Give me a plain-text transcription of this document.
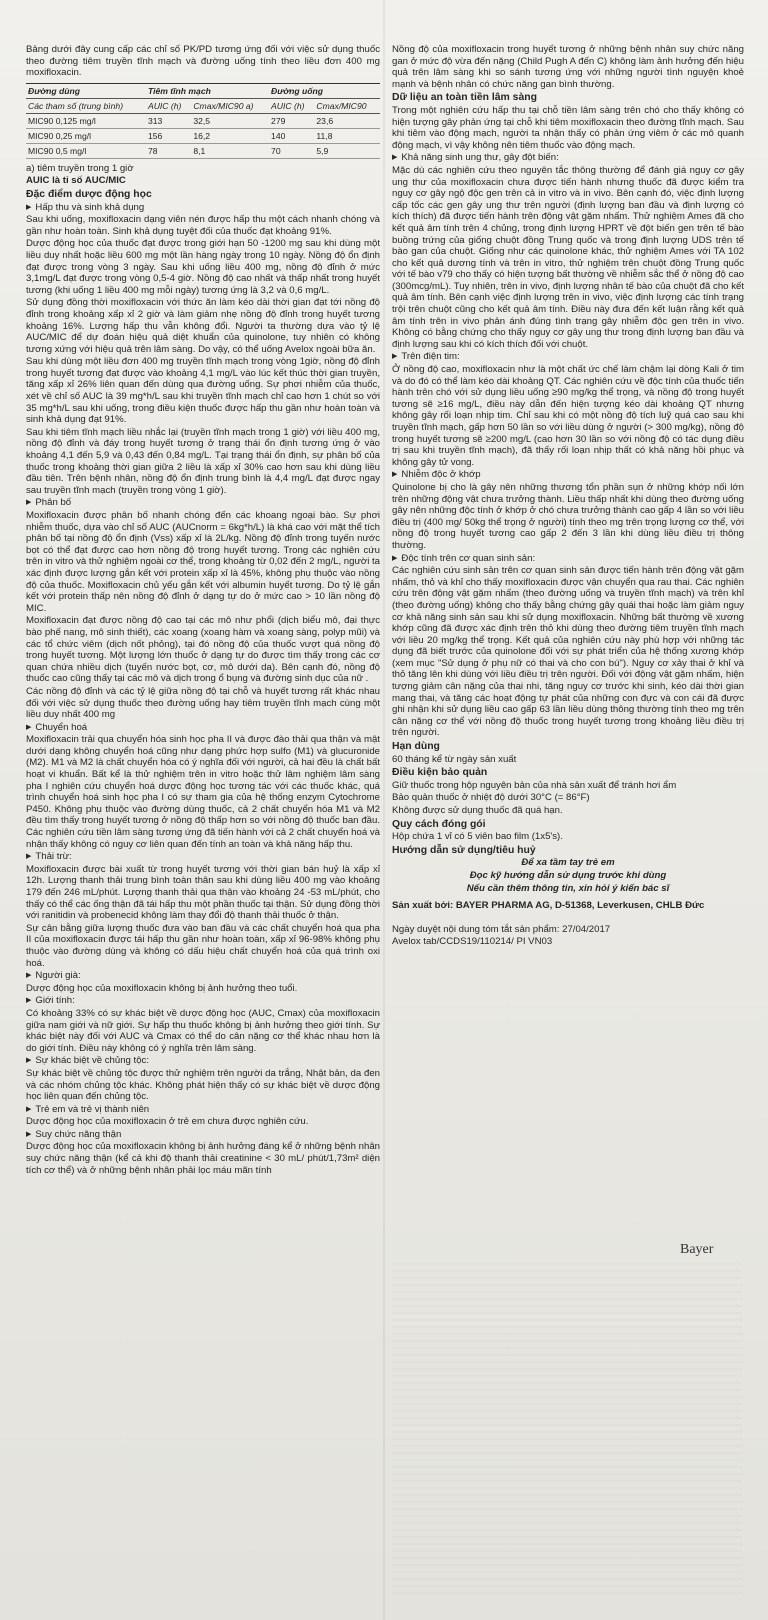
Bảng dưới đây cung cấp các chỉ số PK/PD tương ứng đối với việc sử dụng thuốc theo đường tiêm truyền tĩnh mạch và đường uống tính theo liều đơn 400 mg moxifloxacin.

Đường dùng	Tiêm tĩnh mạch		Đường uống	
Các tham số (trung bình)	AUIC (h)	Cmax/MIC90 a)	AUIC (h)	Cmax/MIC90
MIC90 0,125 mg/l	313	32,5	279	23,6
MIC90 0,25 mg/l	156	16,2	140	11,8
MIC90 0,5 mg/l	78	8,1	70	5,9

a) tiêm truyền trong 1 giờ

AUIC là tỉ số AUC/MIC

Đặc điểm dược động học

▶ Hấp thu và sinh khả dụng

Sau khi uống, moxifloxacin dạng viên nén được hấp thu một cách nhanh chóng và gần như hoàn toàn. Sinh khả dụng tuyệt đối của thuốc đạt khoảng 91%.

Dược động học của thuốc đạt được trong giới hạn 50 -1200 mg sau khi dùng một liều duy nhất hoặc liều 600 mg một lần hàng ngày trong 10 ngày. Nồng độ ổn định đạt được trong vòng 3 ngày. Sau khi uống liều 400 mg, nồng độ đỉnh ở mức 3,1mg/L đạt được trong vòng 0,5-4 giờ. Nồng độ cao nhất và thấp nhất trong huyết tương (khi uống 1 liều 400 mg mỗi ngày) tương ứng là 3,2 và 0,6 mg/L.

Sử dụng đồng thời moxifloxacin với thức ăn làm kéo dài thời gian đạt tới nồng độ đỉnh trong khoảng xấp xỉ 2 giờ và làm giảm nhẹ nồng độ đỉnh trong huyết tương khoảng 16%. Lượng hấp thu vẫn không đổi. Người ta thường dựa vào tỷ lệ AUC/MIC để dự đoán hiệu quả diệt khuẩn của quinolone, tuy nhiên có không tương xứng với hiệu quả trên lâm sàng. Do vậy, có thể uống Avelox ngoài bữa ăn.

Sau khi dùng một liều đơn 400 mg truyền tĩnh mạch trong vòng 1giờ, nồng độ đỉnh trong huyết tương đạt được vào khoảng 4,1 mg/L vào lúc kết thúc thời gian truyền, tăng xấp xỉ 26% liên quan đến dùng qua đường uống. Sự phơi nhiễm của thuốc, xét về chỉ số AUC là 39 mg*h/L sau khi truyền tĩnh mạch chỉ cao hơn 1 chút so với 35 mg*h/L sau khi uống, trong điều kiện thuốc được hấp thu gần như hoàn toàn và sinh khả dụng đạt 91%.

Sau khi tiêm tĩnh mạch liều nhắc lại (truyền tĩnh mạch trong 1 giờ) với liều 400 mg, nồng độ đỉnh và đáy trong huyết tương ở trạng thái ổn định tương ứng ở vào khoảng 4,1 đến 5,9 và 0,43 đến 0,84 mg/L. Tại trạng thái ổn định, sự phân bố của thuốc trong khoảng thời gian giữa 2 liều là xấp xỉ 30% cao hơn sau khi dùng liều đầu tiên. Trên bệnh nhân, nồng độ ổn định trung bình là 4,4 mg/L đạt được ngay sau truyền tĩnh mạch (truyền trong vòng 1 giờ).

▶ Phân bố

Moxifloxacin được phân bố nhanh chóng đến các khoang ngoại bào. Sự phơi nhiễm thuốc, dựa vào chỉ số AUC (AUCnorm = 6kg*h/L) là khá cao với mặt thể tích phân bố tại nồng độ ổn định (Vss) xấp xỉ là 2L/kg. Nồng độ đỉnh trong tuyến nước bọt có thể đạt được cao hơn nồng độ trong huyết tương. Trong các nghiên cứu trên in vitro và thử nghiệm ngoài cơ thể, trong khoảng từ 0,02 đến 2 mg/L, người ta xác định được lượng gắn kết với protein xấp xỉ là 45%, không phụ thuộc vào nồng độ của thuốc. Moxifloxacin chủ yếu gắn kết với albumin huyết tương. Do tỷ lệ gắn kết với protein thấp nên nồng độ đỉnh ở dạng tự do ở mức cao > 10 lần nồng độ MIC.

Moxifloxacin đạt được nồng độ cao tại các mô như phổi (dịch biểu mô, đại thực bào phế nang, mô sinh thiết), các xoang (xoang hàm và xoang sàng, polyp mũi) và các tổ chức viêm (dịch nốt phỏng), tại đó nồng độ của thuốc vượt quá nồng độ trong huyết tương. Một lượng lớn thuốc ở dạng tự do được tìm thấy trong các cơ quan chứa nhiều dịch (tuyến nước bọt, cơ, mô dưới da). Bên cạnh đó, nồng độ thuốc cao cũng thấy tại các mô và dịch trong ổ bụng và đường sinh dục của nữ .

Các nồng độ đỉnh và các tỷ lệ giữa nồng độ tại chỗ và huyết tương rất khác nhau đối với việc sử dụng thuốc theo đường uống hay tiêm truyền tĩnh mạch cùng một liều duy nhất 400 mg

▶ Chuyển hoá

Moxifloxacin trải qua chuyển hóa sinh học pha II và được đào thải qua thận và mật dưới dạng không chuyển hoá cũng như dạng phức hợp sulfo (M1) và glucuronide (M2). M1 và M2 là chất chuyển hóa có ý nghĩa đối với người, cả hai đều là chất bất hoạt vi khuẩn. Bất kể là thử nghiệm trên in vitro hoặc thử lâm nghiệm lâm sàng pha I nghiên cứu chuyển hoá dược động học tương tác với các thuốc khác, quá trình chuyển hoá sinh học pha I có sự tham gia của hệ thống enzym Cytochrome P450. Không phụ thuộc vào đường dùng thuốc, cả 2 chất chuyển hóa M1 và M2 đều tìm thấy trong huyết tương ở nồng độ thấp hơn so với nồng độ thuốc ban đầu. Các nghiên cứu tiền lâm sàng tương ứng đã tiến hành với cả 2 chất chuyển hoá và nhận thấy không có nguy cơ liên quan đến tính an toàn và khả năng hấp thu.

▶ Thải trừ:

Moxifloxacin được bài xuất từ trong huyết tương với thời gian bán huỷ là xấp xỉ 12h. Lượng thanh thải trung bình toàn thân sau khi dùng liều 400 mg vào khoảng 179 đến 246 mL/phút. Lượng thanh thải qua thận vào khoảng 24 -53 mL/phút, cho thấy có thể các ống thận đã tái hấp thu một phần thuốc tại thận. Sử dụng đồng thời với ranitidin và probenecid không làm thay đổi độ thanh thải thuốc ở thận.

Sự cân bằng giữa lượng thuốc đưa vào ban đầu và các chất chuyển hoá qua pha II của moxifloxacin được tái hấp thu gần như hoàn toàn, xấp xỉ 96-98% không phụ thuộc vào đường dùng và không có dấu hiệu chất chuyển hoá của quá trình oxi hoá.

▶ Người già:

Dược động học của moxifloxacin không bị ảnh hưởng theo tuổi.

▶ Giới tính:

Có khoảng 33% có sự khác biệt về dược động học (AUC, Cmax) của moxifloxacin giữa nam giới và nữ giới. Sự hấp thu thuốc không bị ảnh hưởng theo giới tính. Sự khác biệt này đối với AUC và Cmax có thể do cân nặng cơ thể khác nhau hơn là do giới tính. Điều này không có ý nghĩa trên lâm sàng.

▶ Sự khác biệt về chủng tộc:

Sự khác biệt về chủng tộc được thử nghiệm trên người da trắng, Nhật bản, da đen và các nhóm chủng tộc khác. Không phát hiện thấy có sự khác biệt về dược động học liên quan đến chủng tộc.

▶ Trẻ em và trẻ vị thành niên

Dược động học của moxifloxacin ở trẻ em chưa được nghiên cứu.

▶ Suy chức năng thận

Dược động học của moxifloxacin không bị ảnh hưởng đáng kể ở những bệnh nhân suy chức năng thận (kể cả khi độ thanh thải creatinine < 30 mL/ phút/1,73m² diện tích cơ thể) và ở những bệnh nhân phải lọc máu mãn tính

Nồng độ của moxifloxacin trong huyết tương ở những bệnh nhân suy chức năng gan ở mức độ vừa đến nặng (Child Pugh A đến C) không làm ảnh hưởng đến hiệu quả trên lâm sàng khi so sánh tương ứng với những người tình nguyện khoẻ mạnh và bệnh nhân có chức năng gan bình thường.

Dữ liệu an toàn tiền lâm sàng

Trong một nghiên cứu hấp thu tại chỗ tiền lâm sàng trên chó cho thấy không có hiện tượng gây phản ứng tại chỗ khi tiêm moxifloxacin theo đường tĩnh mạch. Sau khi tiêm vào động mạch, người ta nhận thấy có phản ứng viêm ở các mô quanh động mạch, vì vậy không nên tiêm thuốc vào động mạch.

▶ Khả năng sinh ung thư, gây đột biến:

Mặc dù các nghiên cứu theo nguyên tắc thông thường để đánh giá nguy cơ gây ung thư của moxifloxacin chưa được tiến hành nhưng thuốc đã được kiểm tra nguy cơ gây ngộ độc gen trên cả in vitro và in vivo. Bên cạnh đó, việc định lượng cấp tốc các gen gây ung thư trên người (định lượng ban đầu và định lượng có kích thích) đã được tiến hành trên động vật gặm nhấm. Thử nghiệm Ames đã cho kết quả âm tính trên 4 chủng, trong định lượng HPRT về đột biến gen trên tế bào buồng trứng của giống chuột đồng Trung quốc và trong định lượng UDS trên tế bào gan của chuột. Giống như các quinolone khác, thử nghiệm Ames với TA 102 cho kết quả dương tính và trên in vitro, thử nghiệm trên chuột đồng Trung quốc với tế bào v79 cho thấy có hiện tượng bất thường về nhiễm sắc thể ở nồng độ cao (300mcg/mL). Tuy nhiên, trên in vivo, định lượng nhân tế bào của chuột đã cho kết quả âm tính. Bên cạnh việc định lượng trên in vivo, việc định lượng các tính trạng trội trên chuột cũng cho kết quả âm tính. Điều này đưa đến kết luận rằng kết quả âm tính trên in vivo phản ánh đúng tình trạng gây nhiễm độc gen trên in vivo. Không có bằng chứng cho thấy nguy cơ gây ung thư trong định lượng ban đầu và định lượng sau khi có kích thích đối với chuột.

▶ Trên điện tim:

Ở nồng độ cao, moxifloxacin như là một chất ức chế làm chậm lại dòng Kali ở tim và do đó có thể làm kéo dài khoảng QT. Các nghiên cứu về độc tính của thuốc tiến hành trên chó với sử dụng liều uống ≥90 mg/kg thể trọng, và nồng độ trong huyết tương sẽ ≥16 mg/L, điều này dẫn đến hiện tượng kéo dài khoảng QT nhưng không gây rối loạn nhịp tim. Chỉ sau khi có một nồng độ tích luỹ quá cao sau khi truyền tĩnh mạch, gấp hơn 50 lần so với liều dùng ở người (> 300 mg/kg), nồng độ trong huyết tương sẽ ≥200 mg/L (cao hơn 30 lần so với nồng độ có tác dụng điều trị sau khi truyền tĩnh mạch), đã thấy rối loạn nhịp thất có khả năng hồi phục và không gây tử vong.

▶ Nhiễm độc ở khớp

Quinolone bị cho là gây nên những thương tổn phần sụn ở những khớp nối lớn trên những động vật chưa trưởng thành. Liều thấp nhất khi dùng theo đường uống gây nên những độc tính ở khớp ở chó chưa trưởng thành cao gấp 4 lần so với liều điều trị (400 mg/ 50kg thể trọng ở người) tính theo mg trên trọng lượng cơ thể, với nồng độ trong huyết tương cao gấp 2 đến 3 lần khi dùng liều điều trị thông thường.

▶ Độc tính trên cơ quan sinh sản:

Các nghiên cứu sinh sản trên cơ quan sinh sản được tiến hành trên động vật gặm nhấm, thỏ và khỉ cho thấy moxifloxacin được vận chuyển qua rau thai. Các nghiên cứu trên động vật gặm nhấm (theo đường uống và truyền tĩnh mạch) và trên khỉ (theo đường uống) không cho thấy bằng chứng gây quái thai hoặc làm giảm nguy cơ khả năng sinh sản sau khi sử dụng moxifloxacin. Những bất thường về xương khớp cũng đã được xác định trên thỏ khi dùng theo đường tiêm truyền tĩnh mạch với liều 20 mg/kg thể trọng. Kết quả của nghiên cứu này phù hợp với những tác dụng đã biết trước của quinolone đối với sự phát triển của hệ thống xương khớp (xem mục "Sử dụng ở phụ nữ có thai và cho con bú"). Nguy cơ xảy thai ở khỉ và thỏ tăng lên khi dùng với liều điều trị trên người. Đối với động vật gặm nhấm, hiện tượng giảm cân nặng của thai nhi, tăng nguy cơ trước khi sinh, kéo dài thời gian mang thai, và tăng các hoạt động tự phát của những con đực và con cái đã được ghi nhận khi sử dụng liều cao gấp 63 lần liều dùng thông thường tính theo mg trên cân nặng cơ thể với nồng độ thuốc trong huyết tương trong khoảng liều điều trị trên người.

Hạn dùng

60 tháng kể từ ngày sản xuất

Điều kiện bảo quản

Giữ thuốc trong hộp nguyên bản của nhà sản xuất để tránh hơi ẩm

Bảo quản thuốc ở nhiệt độ dưới 30°C (= 86°F)

Không được sử dụng thuốc đã quá hạn.

Quy cách đóng gói

Hộp chứa 1 vỉ có 5 viên bao film (1x5's).

Hướng dẫn sử dụng/tiêu huỷ

Để xa tầm tay trẻ em

Đọc kỹ hướng dẫn sử dụng trước khi dùng

Nếu cần thêm thông tin, xin hỏi ý kiến bác sĩ

Sản xuất bởi: BAYER PHARMA AG, D-51368, Leverkusen, CHLB Đức

Ngày duyệt nội dung tóm tắt sản phẩm: 27/04/2017

Avelox tab/CCDS19/110214/ PI VN03

Bayer
